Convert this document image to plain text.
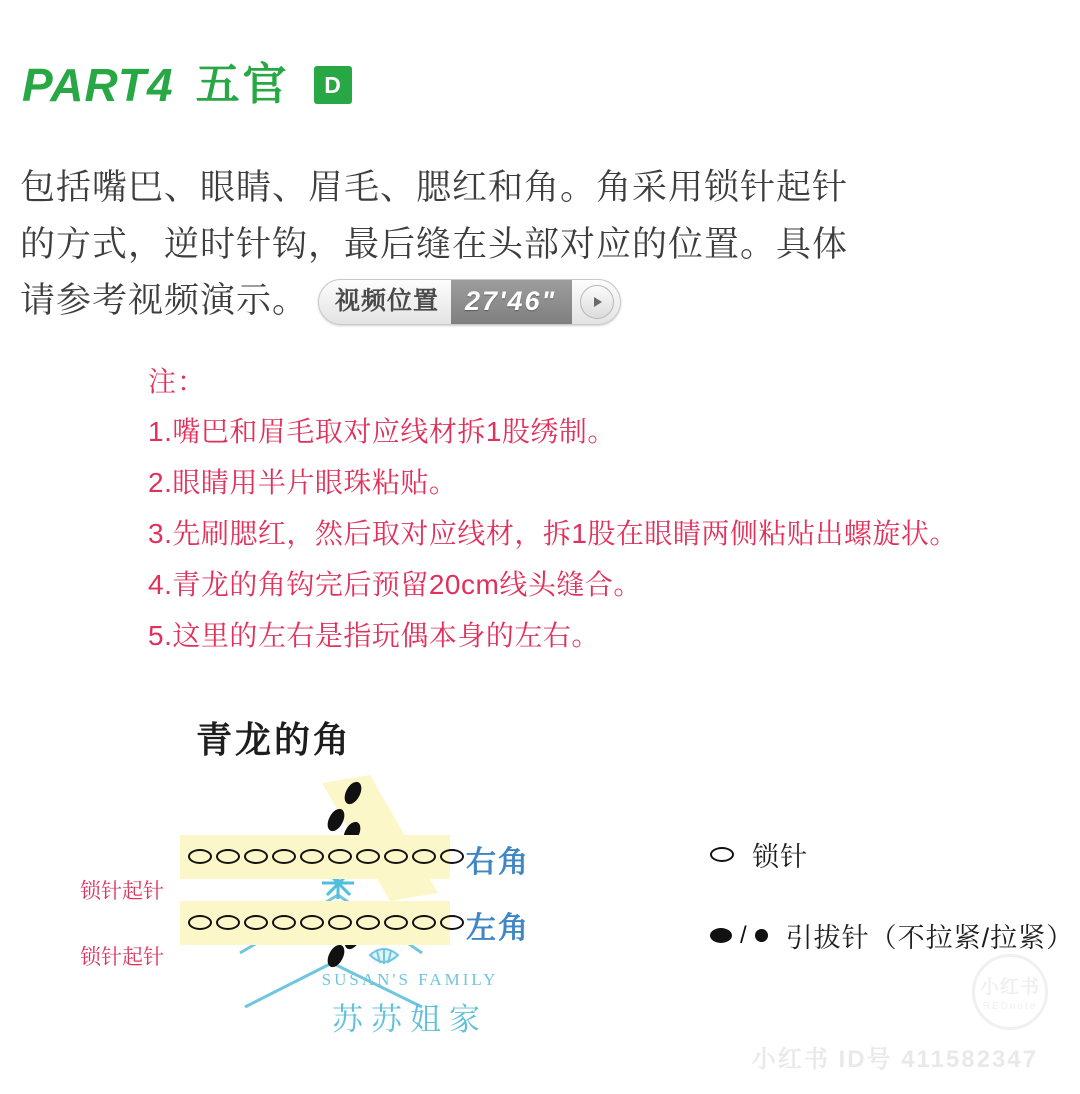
PART4 五官	D
包括嘴巴、眼睛、眉毛、腮红和角。角采用锁针起针
的方式，逆时针钩，最后缝在头部对应的位置。具体
请参考视频演示。	视频位置 27'46"
注：
1.嘴巴和眉毛取对应线材拆1股绣制。
2.眼睛用半片眼珠粘贴。
3.先刷腮红，然后取对应线材，拆1股在眼睛两侧粘贴出螺旋状。
4.青龙的角钩完后预留20cm线头缝合。
5.这里的左右是指玩偶本身的左右。
青龙的角
右角
左角
锁针起针
锁针起针
锁针
/ 引拔针（不拉紧/拉紧）
SUSAN'S FAMILY
苏苏姐家
小红书
REDnote
小红书 ID号 411582347
